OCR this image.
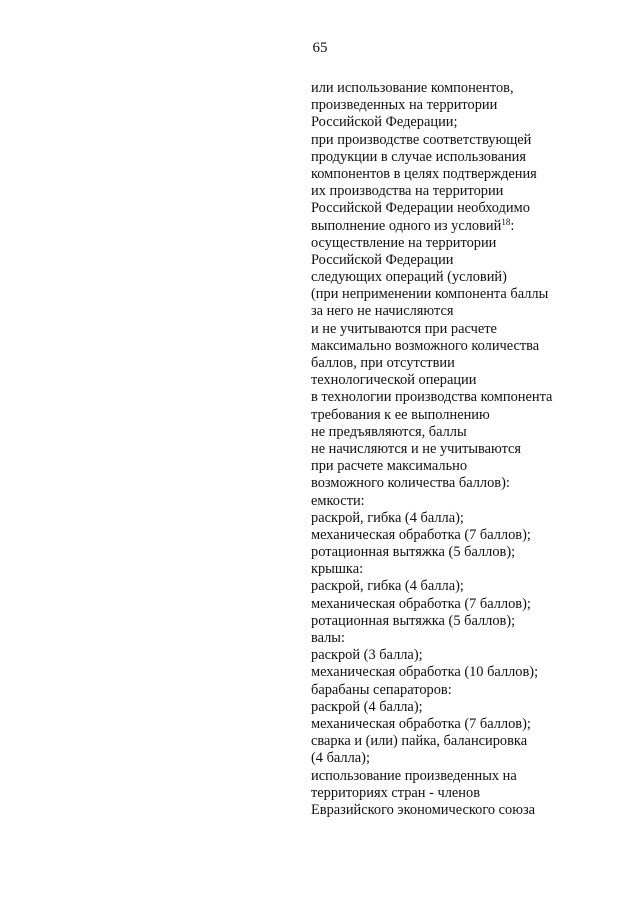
65
или использование компонентов,
произведенных на территории
Российской Федерации;
при производстве соответствующей
продукции в случае использования
компонентов в целях подтверждения
их производства на территории
Российской Федерации необходимо
выполнение одного из условий$^{18}$:
осуществление на территории
Российской Федерации
следующих операций (условий)
(при неприменении компонента баллы
за него не начисляются
и не учитываются при расчете
максимально возможного количества
баллов, при отсутствии
технологической операции
в технологии производства компонента
требования к ее выполнению
не предъявляются, баллы
не начисляются и не учитываются
при расчете максимально
возможного количества баллов):
емкости:
раскрой, гибка (4 балла);
механическая обработка (7 баллов);
ротационная вытяжка (5 баллов);
крышка:
раскрой, гибка (4 балла);
механическая обработка (7 баллов);
ротационная вытяжка (5 баллов);
валы:
раскрой (3 балла);
механическая обработка (10 баллов);
барабаны сепараторов:
раскрой (4 балла);
механическая обработка (7 баллов);
сварка и (или) пайка, балансировка
(4 балла);
использование произведенных на
территориях стран - членов
Евразийского экономического союза
